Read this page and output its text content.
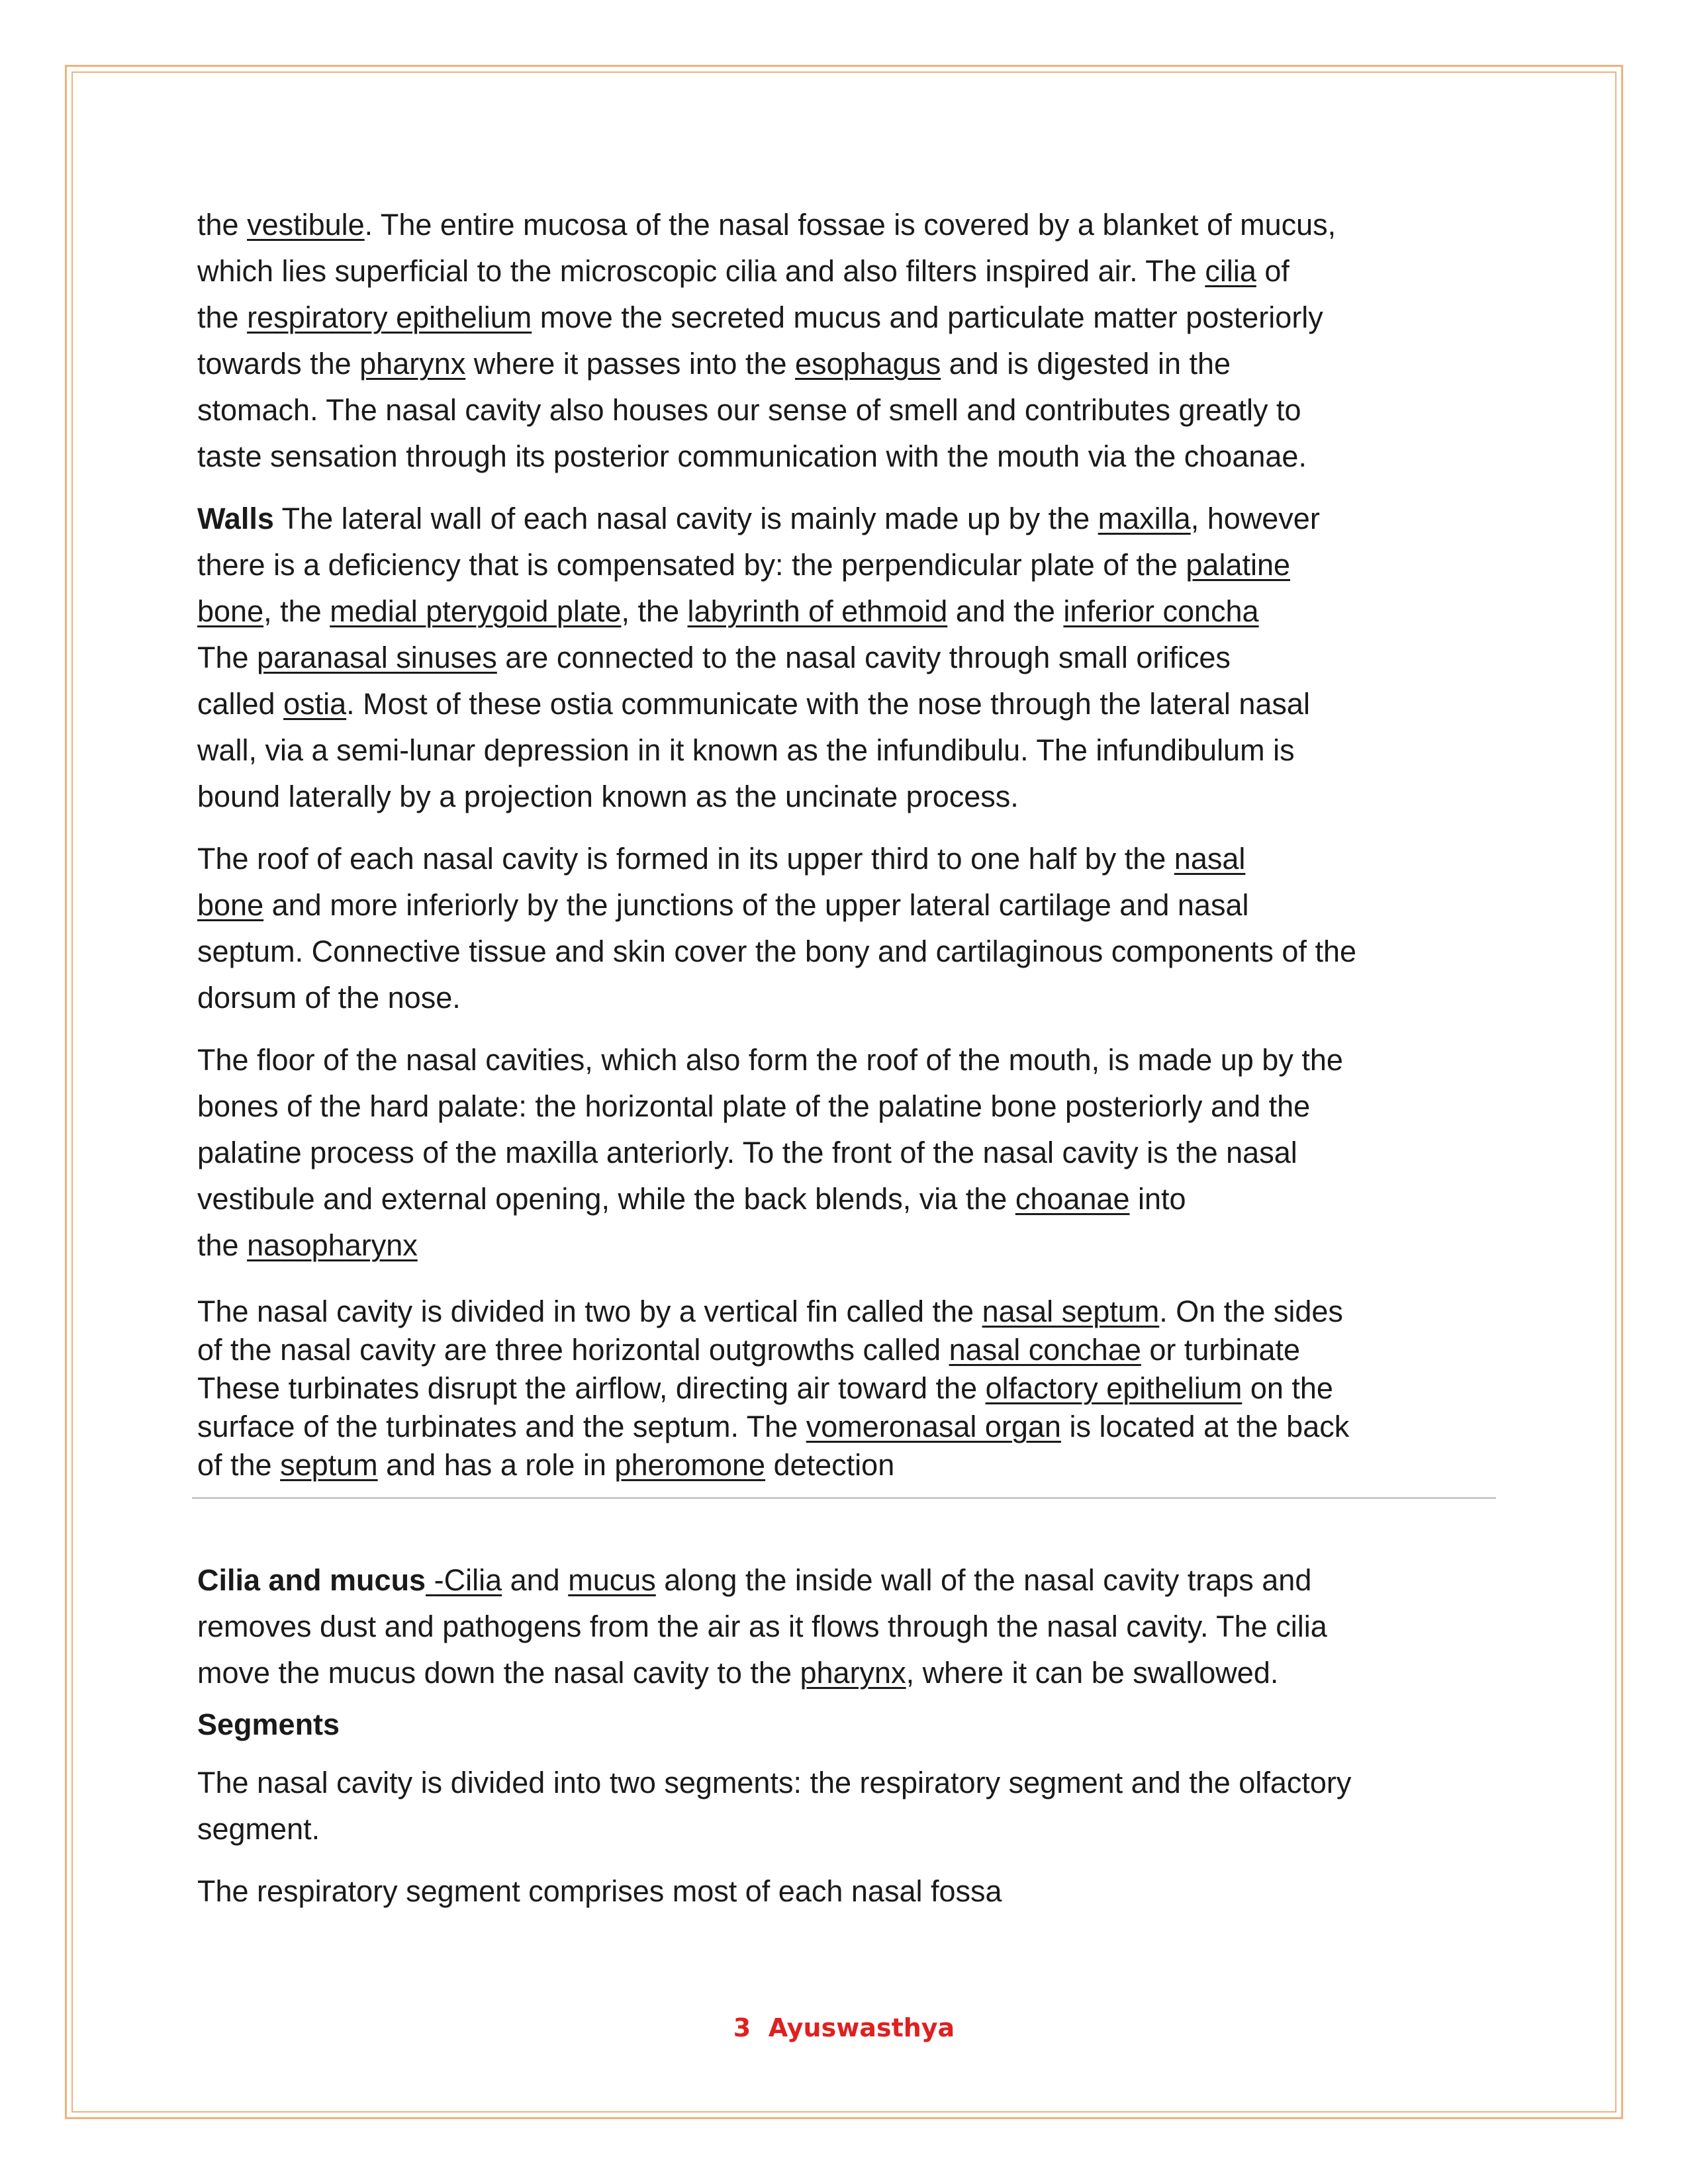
the vestibule. The entire mucosa of the nasal fossae is covered by a blanket of mucus,
which lies superficial to the microscopic cilia and also filters inspired air. The cilia of
the respiratory epithelium move the secreted mucus and particulate matter posteriorly
towards the pharynx where it passes into the esophagus and is digested in the
stomach. The nasal cavity also houses our sense of smell and contributes greatly to
taste sensation through its posterior communication with the mouth via the choanae.

Walls The lateral wall of each nasal cavity is mainly made up by the maxilla, however
there is a deficiency that is compensated by: the perpendicular plate of the palatine
bone, the medial pterygoid plate, the labyrinth of ethmoid and the inferior concha
The paranasal sinuses are connected to the nasal cavity through small orifices
called ostia. Most of these ostia communicate with the nose through the lateral nasal
wall, via a semi-lunar depression in it known as the infundibulu. The infundibulum is
bound laterally by a projection known as the uncinate process.

The roof of each nasal cavity is formed in its upper third to one half by the nasal
bone and more inferiorly by the junctions of the upper lateral cartilage and nasal
septum. Connective tissue and skin cover the bony and cartilaginous components of the
dorsum of the nose.

The floor of the nasal cavities, which also form the roof of the mouth, is made up by the
bones of the hard palate: the horizontal plate of the palatine bone posteriorly and the
palatine process of the maxilla anteriorly. To the front of the nasal cavity is the nasal
vestibule and external opening, while the back blends, via the choanae into
the nasopharynx

The nasal cavity is divided in two by a vertical fin called the nasal septum. On the sides
of the nasal cavity are three horizontal outgrowths called nasal conchae or turbinate
These turbinates disrupt the airflow, directing air toward the olfactory epithelium on the
surface of the turbinates and the septum. The vomeronasal organ is located at the back
of the septum and has a role in pheromone detection

Cilia and mucus -Cilia and mucus along the inside wall of the nasal cavity traps and
removes dust and pathogens from the air as it flows through the nasal cavity. The cilia
move the mucus down the nasal cavity to the pharynx, where it can be swallowed.

Segments

The nasal cavity is divided into two segments: the respiratory segment and the olfactory
segment.

The respiratory segment comprises most of each nasal fossa

3 Ayuswasthya
